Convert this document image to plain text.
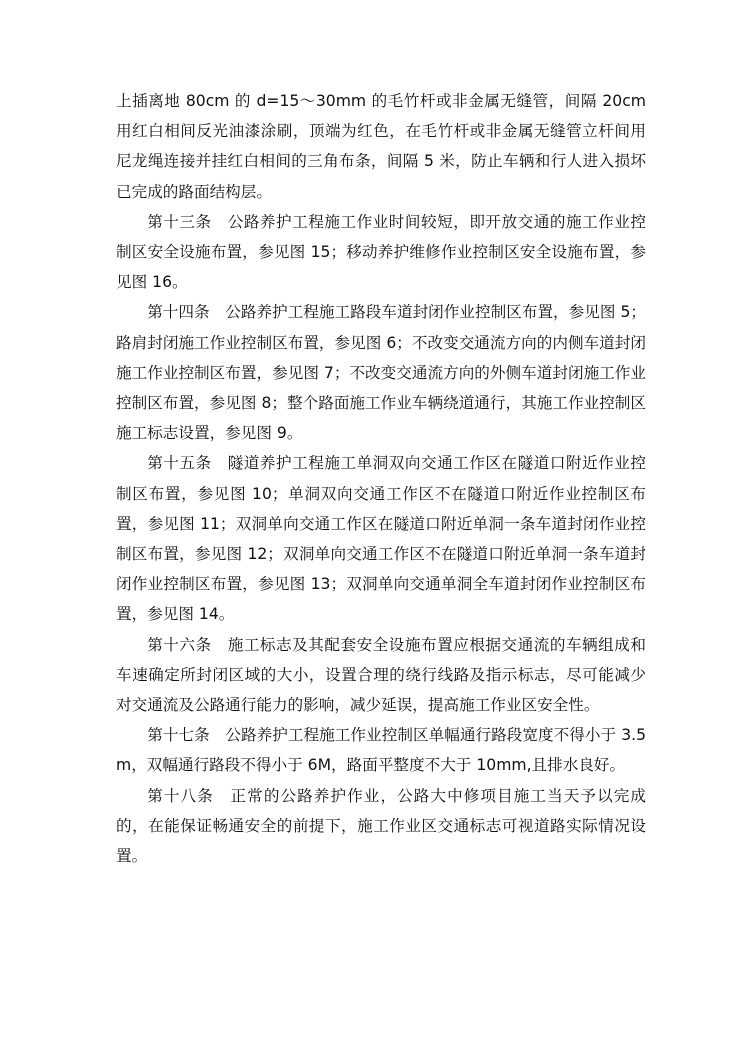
上插离地 80cm 的 d=15～30mm 的毛竹杆或非金属无缝管，间隔 20cm 用红白相间反光油漆涂刷，顶端为红色，在毛竹杆或非金属无缝管立杆间用尼龙绳连接并挂红白相间的三角布条，间隔 5 米，防止车辆和行人进入损坏已完成的路面结构层。

第十三条　公路养护工程施工作业时间较短，即开放交通的施工作业控制区安全设施布置，参见图 15；移动养护维修作业控制区安全设施布置，参见图 16。

第十四条　公路养护工程施工路段车道封闭作业控制区布置，参见图 5；路肩封闭施工作业控制区布置，参见图 6；不改变交通流方向的内侧车道封闭施工作业控制区布置，参见图 7；不改变交通流方向的外侧车道封闭施工作业控制区布置，参见图 8；整个路面施工作业车辆绕道通行，其施工作业控制区施工标志设置，参见图 9。

第十五条　隧道养护工程施工单洞双向交通工作区在隧道口附近作业控制区布置，参见图 10；单洞双向交通工作区不在隧道口附近作业控制区布置，参见图 11；双洞单向交通工作区在隧道口附近单洞一条车道封闭作业控制区布置，参见图 12；双洞单向交通工作区不在隧道口附近单洞一条车道封闭作业控制区布置，参见图 13；双洞单向交通单洞全车道封闭作业控制区布置，参见图 14。

第十六条　施工标志及其配套安全设施布置应根据交通流的车辆组成和车速确定所封闭区域的大小，设置合理的绕行线路及指示标志，尽可能减少对交通流及公路通行能力的影响，减少延误，提高施工作业区安全性。

第十七条　公路养护工程施工作业控制区单幅通行路段宽度不得小于 3.5m，双幅通行路段不得小于 6M，路面平整度不大于 10mm,且排水良好。

第十八条　正常的公路养护作业，公路大中修项目施工当天予以完成的，在能保证畅通安全的前提下，施工作业区交通标志可视道路实际情况设置。
